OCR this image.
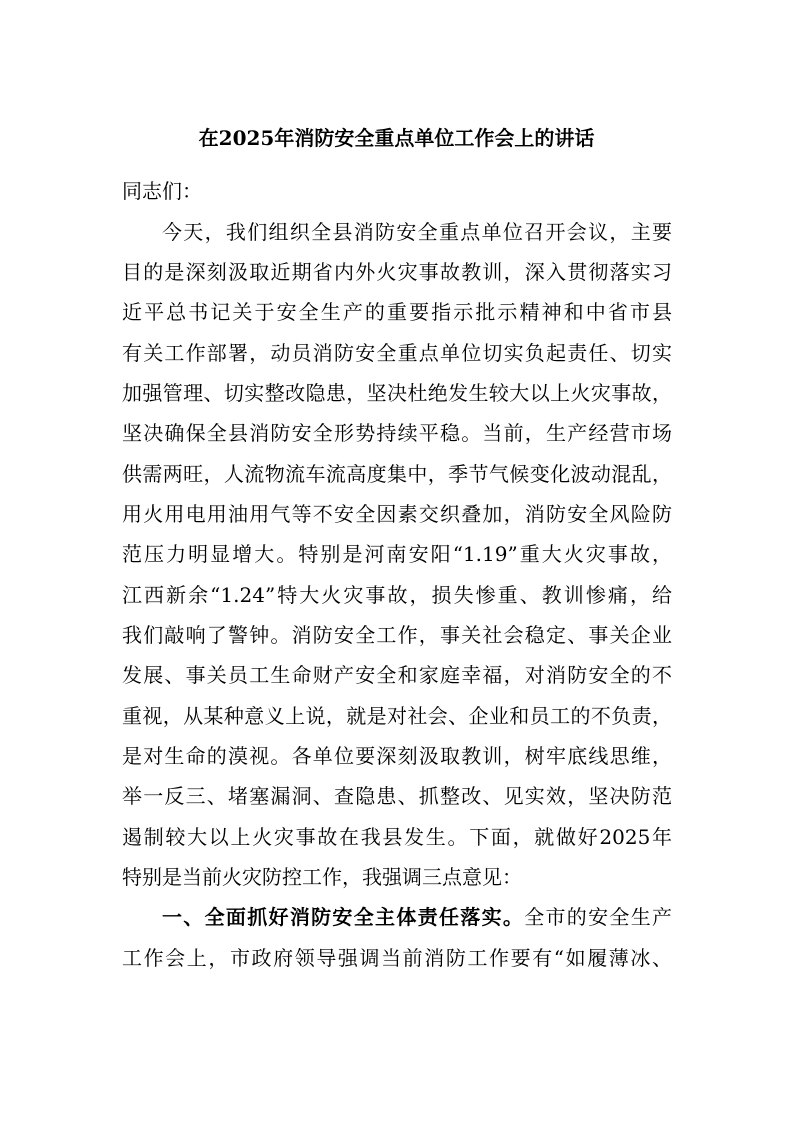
在2025年消防安全重点单位工作会上的讲话
同志们：
今天，我们组织全县消防安全重点单位召开会议，主要
目的是深刻汲取近期省内外火灾事故教训，深入贯彻落实习
近平总书记关于安全生产的重要指示批示精神和中省市县
有关工作部署，动员消防安全重点单位切实负起责任、切实
加强管理、切实整改隐患，坚决杜绝发生较大以上火灾事故，
坚决确保全县消防安全形势持续平稳。当前，生产经营市场
供需两旺，人流物流车流高度集中，季节气候变化波动混乱，
用火用电用油用气等不安全因素交织叠加，消防安全风险防
范压力明显增大。特别是河南安阳“1.19”重大火灾事故，
江西新余“1.24”特大火灾事故，损失惨重、教训惨痛，给
我们敲响了警钟。消防安全工作，事关社会稳定、事关企业
发展、事关员工生命财产安全和家庭幸福，对消防安全的不
重视，从某种意义上说，就是对社会、企业和员工的不负责，
是对生命的漠视。各单位要深刻汲取教训，树牢底线思维，
举一反三、堵塞漏洞、查隐患、抓整改、见实效，坚决防范
遏制较大以上火灾事故在我县发生。下面，就做好2025年
特别是当前火灾防控工作，我强调三点意见：
一、全面抓好消防安全主体责任落实。全市的安全生产
工作会上，市政府领导强调当前消防工作要有“如履薄冰、
